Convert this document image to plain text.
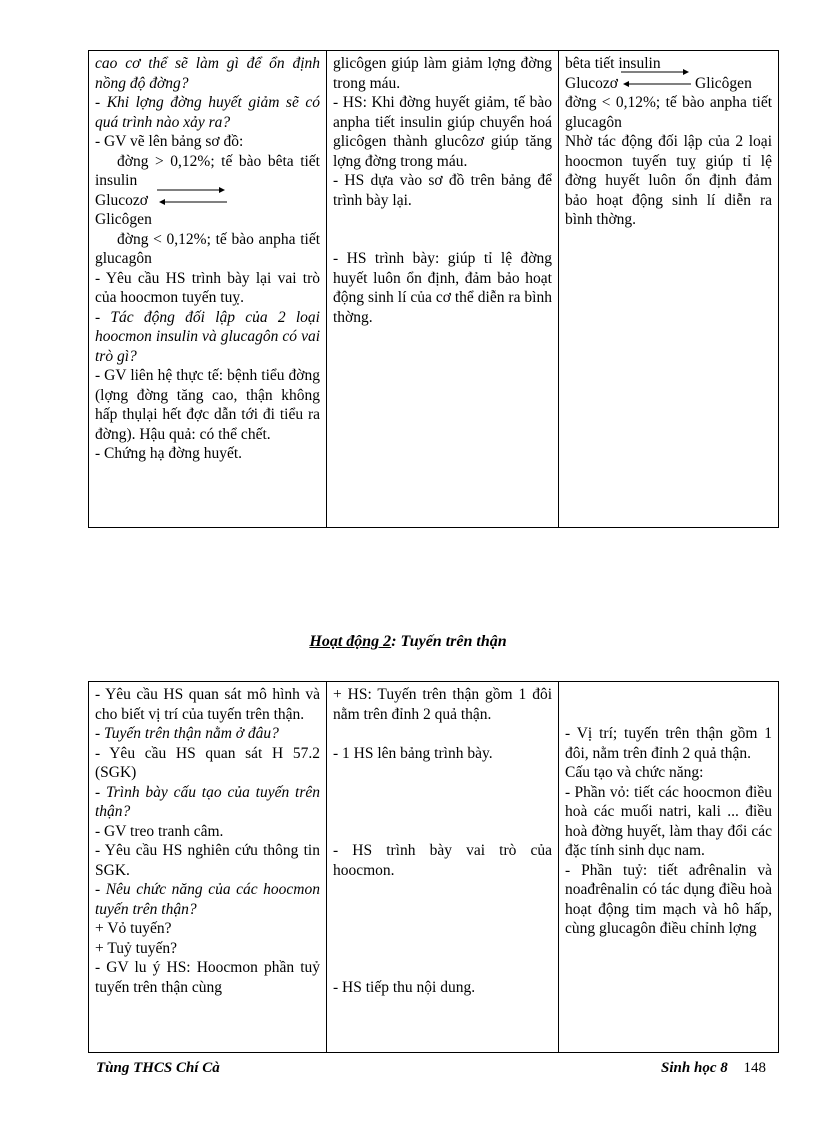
cao cơ thể sẽ làm gì để ổn định nồng độ đờng?
- Khi lợng đờng huyết giảm sẽ có quá trình nào xảy ra?
- GV vẽ lên bảng sơ đồ:
đờng > 0,12%; tế bào bêta tiết insulin
Glucozơ
Glicôgen
đờng < 0,12%; tế bào anpha tiết glucagôn
- Yêu cầu HS trình bày lại vai trò của hoocmon tuyến tuỵ.
- Tác động đối lập của 2 loại hoocmon insulin và glucagôn có vai trò gì?
- GV liên hệ thực tế: bệnh tiểu đờng (lợng đờng tăng cao, thận không hấp thụlại hết đợc dẫn tới đi tiểu ra đờng). Hậu quả: có thể chết.
- Chứng hạ đờng huyết.

glicôgen giúp làm giảm lợng đờng trong máu.
- HS: Khi đờng huyết giảm, tế bào anpha tiết insulin giúp chuyển hoá glicôgen thành glucôzơ giúp tăng lợng đờng trong máu.
- HS dựa vào sơ đồ trên bảng để trình bày lại.
- HS trình bày: giúp tỉ lệ đờng huyết luôn ổn định, đảm bảo hoạt động sinh lí của cơ thể diễn ra bình thờng.

bêta tiết insulin
Glucozơ	Glicôgen
đờng < 0,12%; tế bào anpha tiết glucagôn
Nhờ tác động đối lập của 2 loại hoocmon tuyến tuỵ giúp tỉ lệ đờng huyết luôn ổn định đảm bảo hoạt động sinh lí diễn ra bình thờng.
Hoạt động 2: Tuyến trên thận
- Yêu cầu HS quan sát mô hình và cho biết vị trí của tuyến trên thận.
- Tuyến trên thận nằm ở đâu?
- Yêu cầu HS quan sát H 57.2 (SGK)
- Trình bày cấu tạo của tuyến trên thận?
- GV treo tranh câm.
- Yêu cầu HS nghiên cứu thông tin SGK.
- Nêu chức năng của các hoocmon tuyến trên thận?
+ Vỏ tuyến?
+ Tuỷ tuyến?
- GV lu ý HS: Hoocmon phần tuỷ tuyến trên thận cùng

+ HS: Tuyến trên thận gồm 1 đôi nằm trên đỉnh 2 quả thận.
- 1 HS lên bảng trình bày.
- HS trình bày vai trò của hoocmon.
- HS tiếp thu nội dung.

- Vị trí; tuyến trên thận gồm 1 đôi, nằm trên đỉnh 2 quả thận.
Cấu tạo và chức năng:
- Phần vỏ: tiết các hoocmon điều hoà các muối natri, kali ... điều hoà đờng huyết, làm thay đổi các đặc tính sinh dục nam.
- Phần tuỷ: tiết ađrênalin và noađrênalin có tác dụng điều hoà hoạt động tim mạch và hô hấp, cùng glucagôn điều chỉnh lợng
Tùng THCS Chí Cà	Sinh học 8 148
